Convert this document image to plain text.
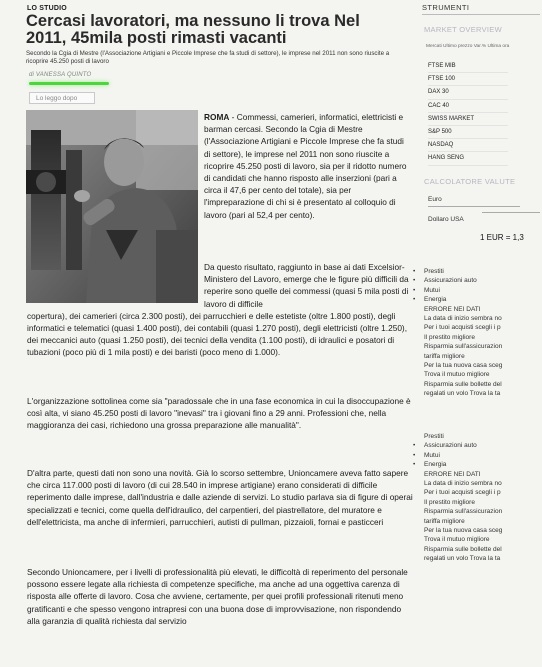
LO STUDIO
Cercasi lavoratori, ma nessuno li trova Nel 2011, 45mila posti rimasti vacanti
Secondo la Cgia di Mestre (l'Associazione Artigiani e Piccole Imprese che fa studi di settore), le imprese nel 2011 non sono riuscite a ricoprire 45.250 posti di lavoro
di VANESSA QUINTO
Lo leggo dopo
ROMA - Commessi, camerieri, informatici, elettricisti e barman cercasi. Secondo la Cgia di Mestre (l'Associazione Artigiani e Piccole Imprese che fa studi di settore), le imprese nel 2011 non sono riuscite a ricoprire 45.250 posti di lavoro, sia per il ridotto numero di candidati che hanno risposto alle inserzioni (pari a circa il 47,6 per cento del totale), sia per l'impreparazione di chi si è presentato al colloquio di lavoro (pari al 52,4 per cento).
Da questo risultato, raggiunto in base ai dati Excelsior-Ministero del Lavoro, emerge che le figure più difficili da reperire sono quelle dei commessi (quasi 5 mila posti di lavoro di difficile
copertura), dei camerieri (circa 2.300 posti), dei parrucchieri e delle estetiste (oltre 1.800 posti), degli informatici e telematici (quasi 1.400 posti), dei contabili (quasi 1.270 posti), degli elettricisti (oltre 1.250), dei meccanici auto (quasi 1.250 posti), dei tecnici della vendita (1.100 posti), di idraulici e posatori di tubazioni (poco più di 1 mila posti) e dei baristi (poco meno di 1.000).
L'organizzazione sottolinea come sia "paradossale che in una fase economica in cui la disoccupazione è così alta, vi siano 45.250 posti di lavoro "inevasi" tra i giovani fino a 29 anni. Professioni che, nella maggioranza dei casi, richiedono una grossa preparazione alle manualità".
D'altra parte, questi dati non sono una novità. Già lo scorso settembre, Unioncamere aveva fatto sapere che circa 117.000 posti di lavoro (di cui 28.540 in imprese artigiane) erano considerati di difficile reperimento dalle imprese, dall'industria e dalle aziende di servizi. Lo studio parlava sia di figure di operai specializzati e tecnici, come quella dell'idraulico, del carpentieri, del piastrellatore, del muratore e dell'elettricista, ma anche di infermieri, parrucchieri, autisti di pullman, pizzaioli, fornai e pasticceri
Secondo Unioncamere, per i livelli di professionalità più elevati, le difficoltà di reperimento del personale possono essere legate alla richiesta di competenze specifiche, ma anche ad una oggettiva carenza di risposta alle offerte di lavoro. Cosa che avviene, certamente, per quei profili professionali ritenuti meno gratificanti e che spesso vengono intrapresi con una buona dose di improvvisazione, non rispondendo alla garanzia di qualità richiesta dal servizio
STRUMENTI
MARKET OVERVIEW
Mercati Ultimo prezzo Var.% Ultima ora
FTSE MIB
FTSE 100
DAX 30
CAC 40
SWISS MARKET
S&P 500
NASDAQ
HANG SENG
CALCOLATORE VALUTE
Euro
Dollaro USA
1 EUR = 1,3
• Prestiti
• Assicurazioni auto
• Mutui
• Energia
ERRORE NEI DATI
La data di inizio sembra no
Per i tuoi acquisti scegli i p
Il prestito migliore
Risparmia sull'assicurazion
tariffa migliore
Per la tua nuova casa sceg
Trova il mutuo migliore
Risparmia sulle bollette del
regalati un volo Trova la ta
Prestiti
• Assicurazioni auto
• Mutui
• Energia
ERRORE NEI DATI
La data di inizio sembra no
Per i tuoi acquisti scegli i p
Il prestito migliore
Risparmia sull'assicurazion
tariffa migliore
Per la tua nuova casa sceg
Trova il mutuo migliore
Risparmia sulle bollette del
regalati un volo Trova la ta
